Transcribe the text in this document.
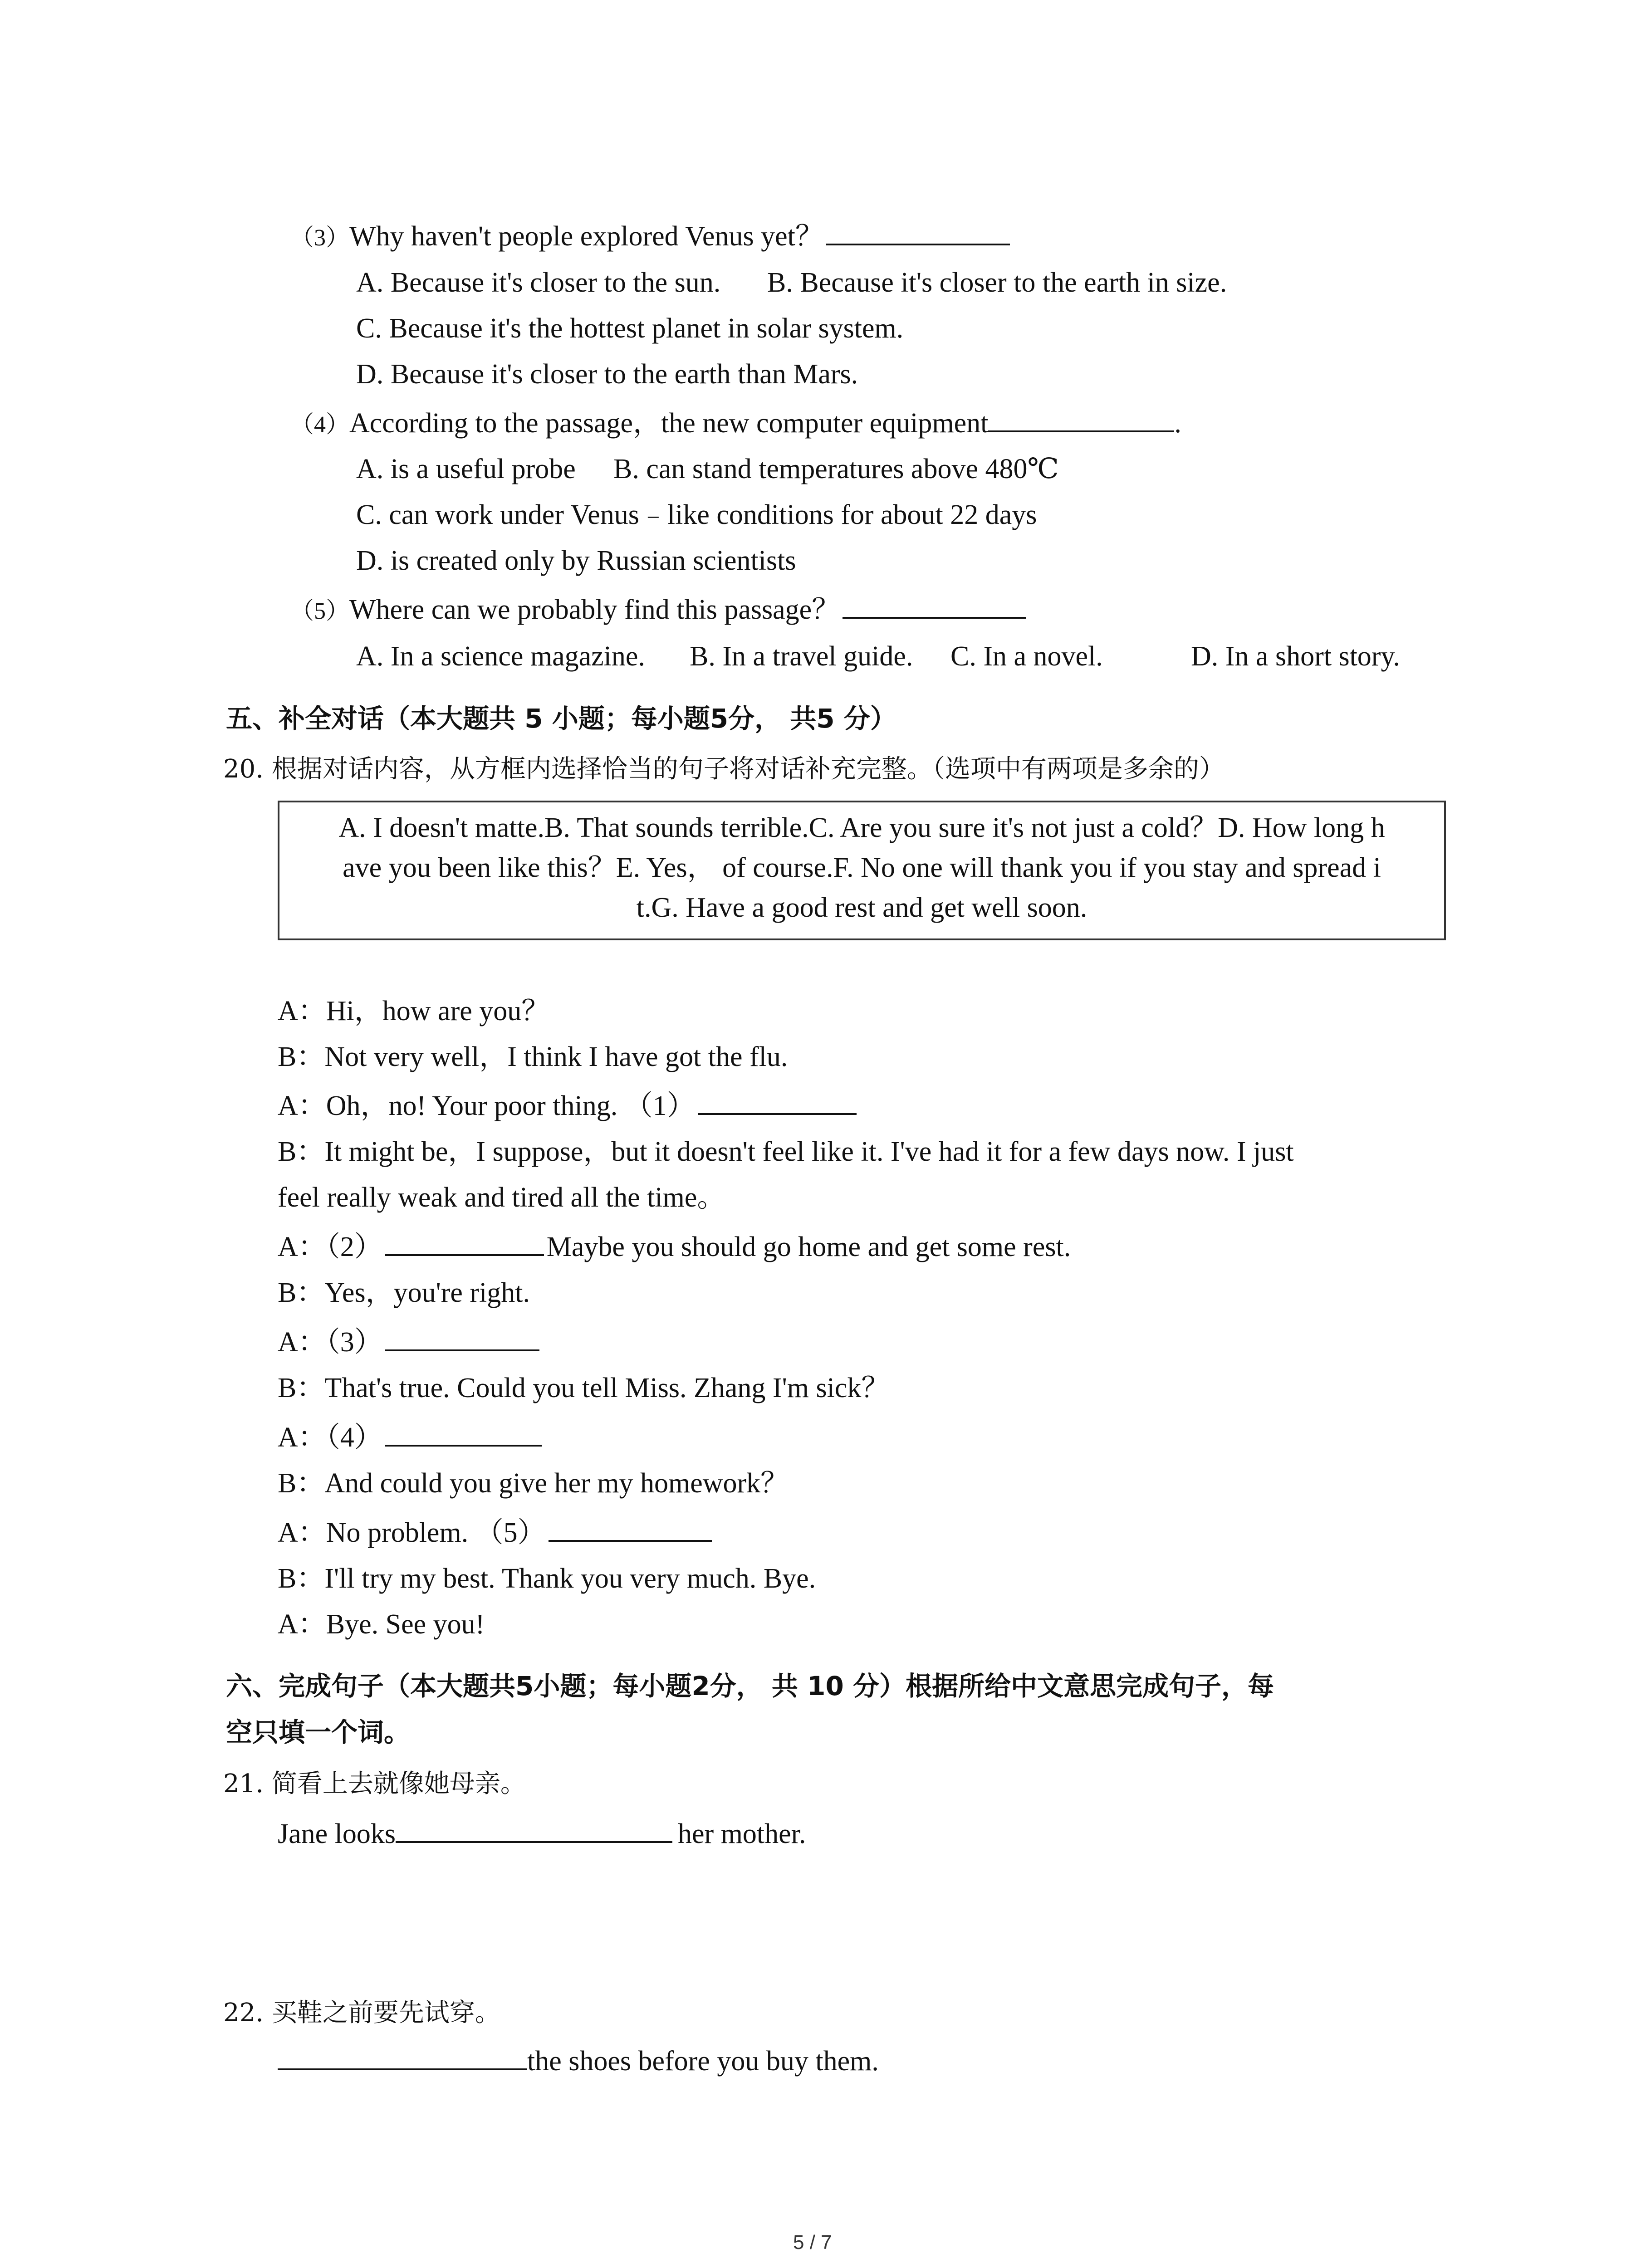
（3）Why haven't people explored Venus yet？
A. Because it's closer to the sun. B. Because it's closer to the earth in size.
C. Because it's the hottest planet in solar system.
D. Because it's closer to the earth than Mars.
（4）According to the passage，the new computer equipment	.
A. is a useful probe B. can stand temperatures above 480℃
C. can work under Venus﹣like conditions for about 22 days
D. is created only by Russian scientists
（5）Where can we probably find this passage？
A. In a science magazine. B. In a travel guide. C. In a novel.	D. In a short story.
五、补全对话（本大题共 5 小题；每小题5分， 共5 分）
20. 根据对话内容，从方框内选择恰当的句子将对话补充完整。（选项中有两项是多余的）
A. I doesn't matte.B. That sounds terrible.C. Are you sure it's not just a cold？D. How long h
ave you been like this？E. Yes， of course.F. No one will thank you if you stay and spread i
t.G. Have a good rest and get well soon.
A：Hi，how are you？
B：Not very well，I think I have got the flu.
A：Oh，no! Your poor thing. （1）
B：It might be，I suppose，but it doesn't feel like it. I've had it for a few days now. I just
feel really weak and tired all the time。
A：（2）	Maybe you should go home and get some rest.
B：Yes，you're right.
A：（3）
B：That's true. Could you tell Miss. Zhang I'm sick？
A：（4）
B：And could you give her my homework？
A：No problem. （5）
B：I'll try my best. Thank you very much. Bye.
A：Bye. See you!
六、完成句子（本大题共5小题；每小题2分， 共 10 分）根据所给中文意思完成句子，每
空只填一个词。
21. 简看上去就像她母亲。
Jane looks	her mother.
22. 买鞋之前要先试穿。
the shoes before you buy them.
5 / 7
